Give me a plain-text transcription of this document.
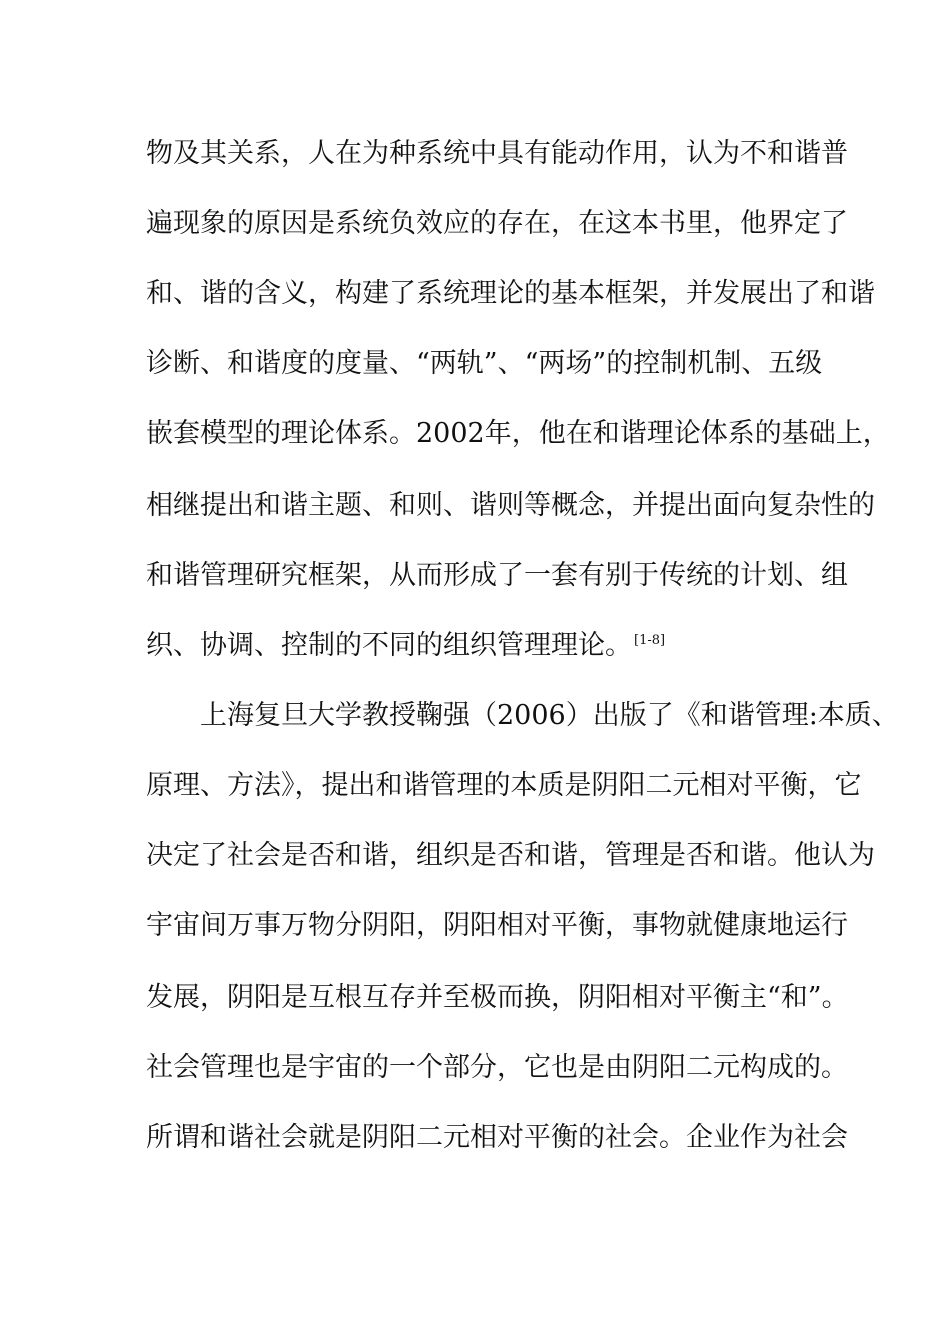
物及其关系，人在为种系统中具有能动作用，认为不和谐普
遍现象的原因是系统负效应的存在，在这本书里，他界定了
和、谐的含义，构建了系统理论的基本框架，并发展出了和谐
诊断、和谐度的度量、“两轨”、“两场”的控制机制、五级
嵌套模型的理论体系。2002年，他在和谐理论体系的基础上，
相继提出和谐主题、和则、谐则等概念，并提出面向复杂性的
和谐管理研究框架，从而形成了一套有别于传统的计划、组
织、协调、控制的不同的组织管理理论。 [1-8]
上海复旦大学教授鞠强（2006）出版了《和谐管理:本质、
原理、方法》，提出和谐管理的本质是阴阳二元相对平衡，它
决定了社会是否和谐，组织是否和谐，管理是否和谐。他认为
宇宙间万事万物分阴阳，阴阳相对平衡，事物就健康地运行
发展，阴阳是互根互存并至极而换，阴阳相对平衡主“和”。
社会管理也是宇宙的一个部分，它也是由阴阳二元构成的。
所谓和谐社会就是阴阳二元相对平衡的社会。企业作为社会
